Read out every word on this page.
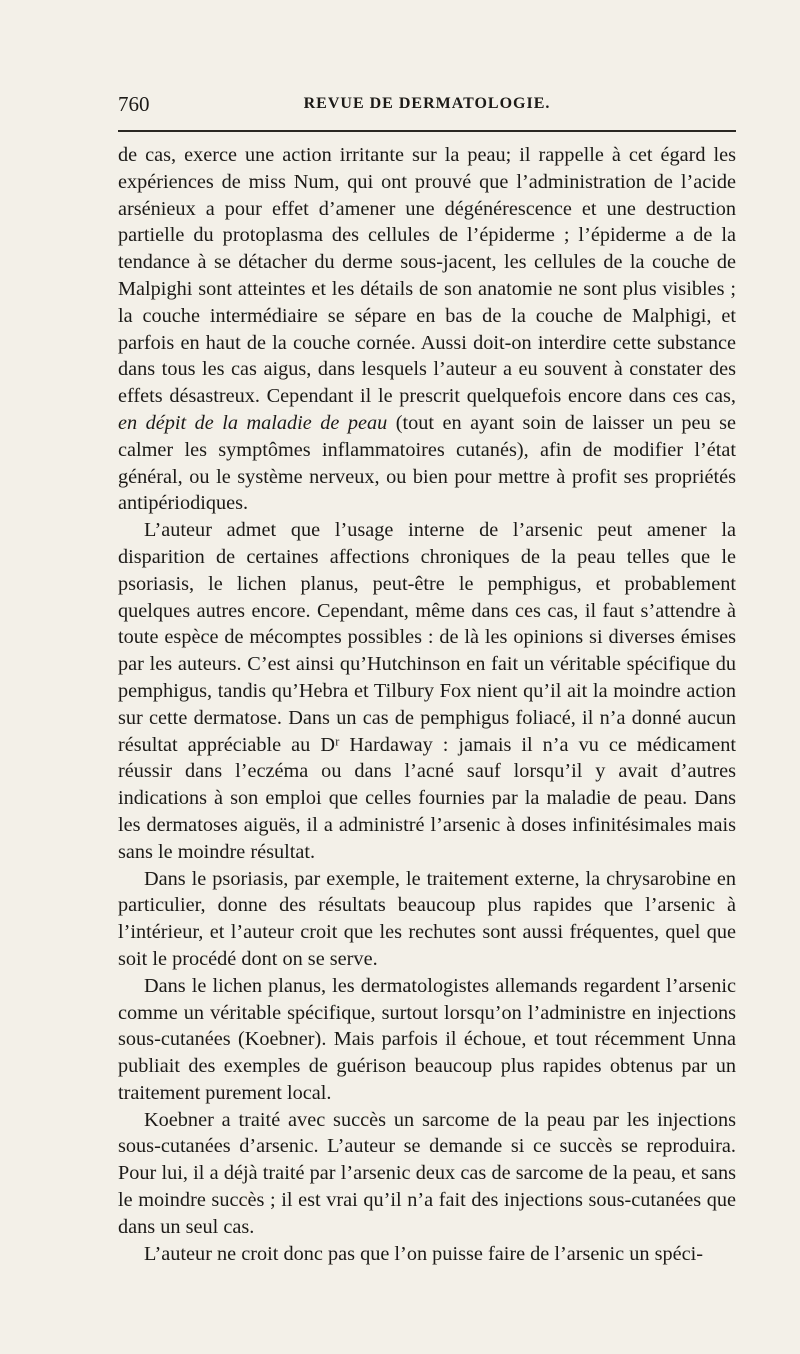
760	REVUE DE DERMATOLOGIE.

de cas, exerce une action irritante sur la peau; il rappelle à cet égard les expériences de miss Num, qui ont prouvé que l’administration de l’acide arsénieux a pour effet d’amener une dégénérescence et une destruction partielle du protoplasma des cellules de l’épiderme ; l’épiderme a de la tendance à se détacher du derme sous-jacent, les cellules de la couche de Malpighi sont atteintes et les détails de son anatomie ne sont plus visibles ; la couche intermédiaire se sépare en bas de la couche de Malphigi, et parfois en haut de la couche cornée. Aussi doit-on interdire cette substance dans tous les cas aigus, dans lesquels l’auteur a eu souvent à constater des effets désastreux. Cependant il le prescrit quelquefois encore dans ces cas, en dépit de la maladie de peau (tout en ayant soin de laisser un peu se calmer les symptômes inflammatoires cutanés), afin de modifier l’état général, ou le système nerveux, ou bien pour mettre à profit ses propriétés antipériodiques.

L’auteur admet que l’usage interne de l’arsenic peut amener la disparition de certaines affections chroniques de la peau telles que le psoriasis, le lichen planus, peut-être le pemphigus, et probablement quelques autres encore. Cependant, même dans ces cas, il faut s’attendre à toute espèce de mécomptes possibles : de là les opinions si diverses émises par les auteurs. C’est ainsi qu’Hutchinson en fait un véritable spécifique du pemphigus, tandis qu’Hebra et Tilbury Fox nient qu’il ait la moindre action sur cette dermatose. Dans un cas de pemphigus foliacé, il n’a donné aucun résultat appréciable au Dʳ Hardaway : jamais il n’a vu ce médicament réussir dans l’eczéma ou dans l’acné sauf lorsqu’il y avait d’autres indications à son emploi que celles fournies par la maladie de peau. Dans les dermatoses aiguës, il a administré l’arsenic à doses infinitésimales mais sans le moindre résultat.

Dans le psoriasis, par exemple, le traitement externe, la chrysarobine en particulier, donne des résultats beaucoup plus rapides que l’arsenic à l’intérieur, et l’auteur croit que les rechutes sont aussi fréquentes, quel que soit le procédé dont on se serve.

Dans le lichen planus, les dermatologistes allemands regardent l’arsenic comme un véritable spécifique, surtout lorsqu’on l’administre en injections sous-cutanées (Koebner). Mais parfois il échoue, et tout récemment Unna publiait des exemples de guérison beaucoup plus rapides obtenus par un traitement purement local.

Koebner a traité avec succès un sarcome de la peau par les injections sous-cutanées d’arsenic. L’auteur se demande si ce succès se reproduira. Pour lui, il a déjà traité par l’arsenic deux cas de sarcome de la peau, et sans le moindre succès ; il est vrai qu’il n’a fait des injections sous-cutanées que dans un seul cas.

L’auteur ne croit donc pas que l’on puisse faire de l’arsenic un spéci-
